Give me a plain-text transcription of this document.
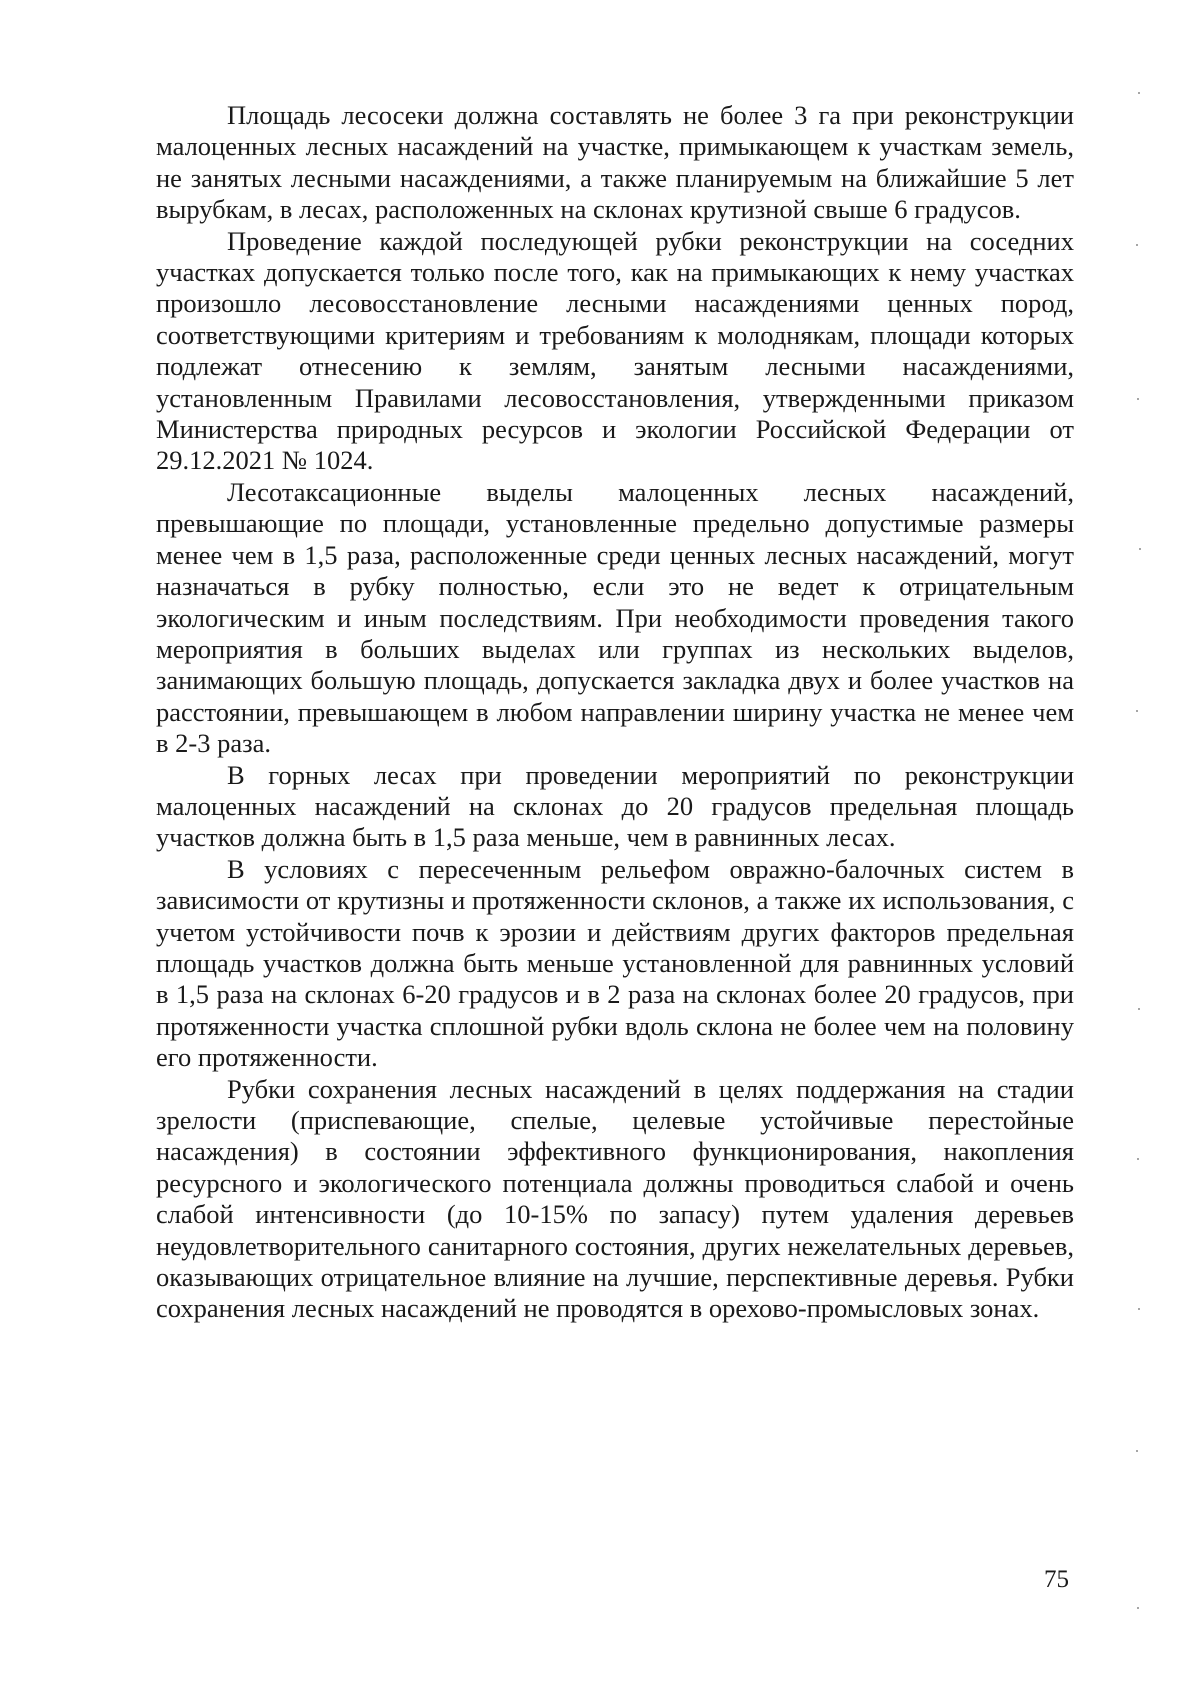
Площадь лесосеки должна составлять не более 3 га при реконструкции малоценных лесных насаждений на участке, примыкающем к участкам земель, не занятых лесными насаждениями, а также планируемым на ближайшие 5 лет вырубкам, в лесах, расположенных на склонах крутизной свыше 6 градусов.

Проведение каждой последующей рубки реконструкции на соседних участках допускается только после того, как на примыкающих к нему участках произошло лесовосстановление лесными насаждениями ценных пород, соответствующими критериям и требованиям к молоднякам, площади которых подлежат отнесению к землям, занятым лесными насаждениями, установленным Правилами лесовосстановления, утвержденными приказом Министерства природных ресурсов и экологии Российской Федерации от 29.12.2021 № 1024.

Лесотаксационные выделы малоценных лесных насаждений, превышающие по площади, установленные предельно допустимые размеры менее чем в 1,5 раза, расположенные среди ценных лесных насаждений, могут назначаться в рубку полностью, если это не ведет к отрицательным экологическим и иным последствиям. При необходимости проведения такого мероприятия в больших выделах или группах из нескольких выделов, занимающих большую площадь, допускается закладка двух и более участков на расстоянии, превышающем в любом направлении ширину участка не менее чем в 2-3 раза.

В горных лесах при проведении мероприятий по реконструкции малоценных насаждений на склонах до 20 градусов предельная площадь участков должна быть в 1,5 раза меньше, чем в равнинных лесах.

В условиях с пересеченным рельефом овражно-балочных систем в зависимости от крутизны и протяженности склонов, а также их использования, с учетом устойчивости почв к эрозии и действиям других факторов предельная площадь участков должна быть меньше установленной для равнинных условий в 1,5 раза на склонах 6-20 градусов и в 2 раза на склонах более 20 градусов, при протяженности участка сплошной рубки вдоль склона не более чем на половину его протяженности.

Рубки сохранения лесных насаждений в целях поддержания на стадии зрелости (приспевающие, спелые, целевые устойчивые перестойные насаждения) в состоянии эффективного функционирования, накопления ресурсного и экологического потенциала должны проводиться слабой и очень слабой интенсивности (до 10-15% по запасу) путем удаления деревьев неудовлетворительного санитарного состояния, других нежелательных деревьев, оказывающих отрицательное влияние на лучшие, перспективные деревья. Рубки сохранения лесных насаждений не проводятся в орехово-промысловых зонах.

75
